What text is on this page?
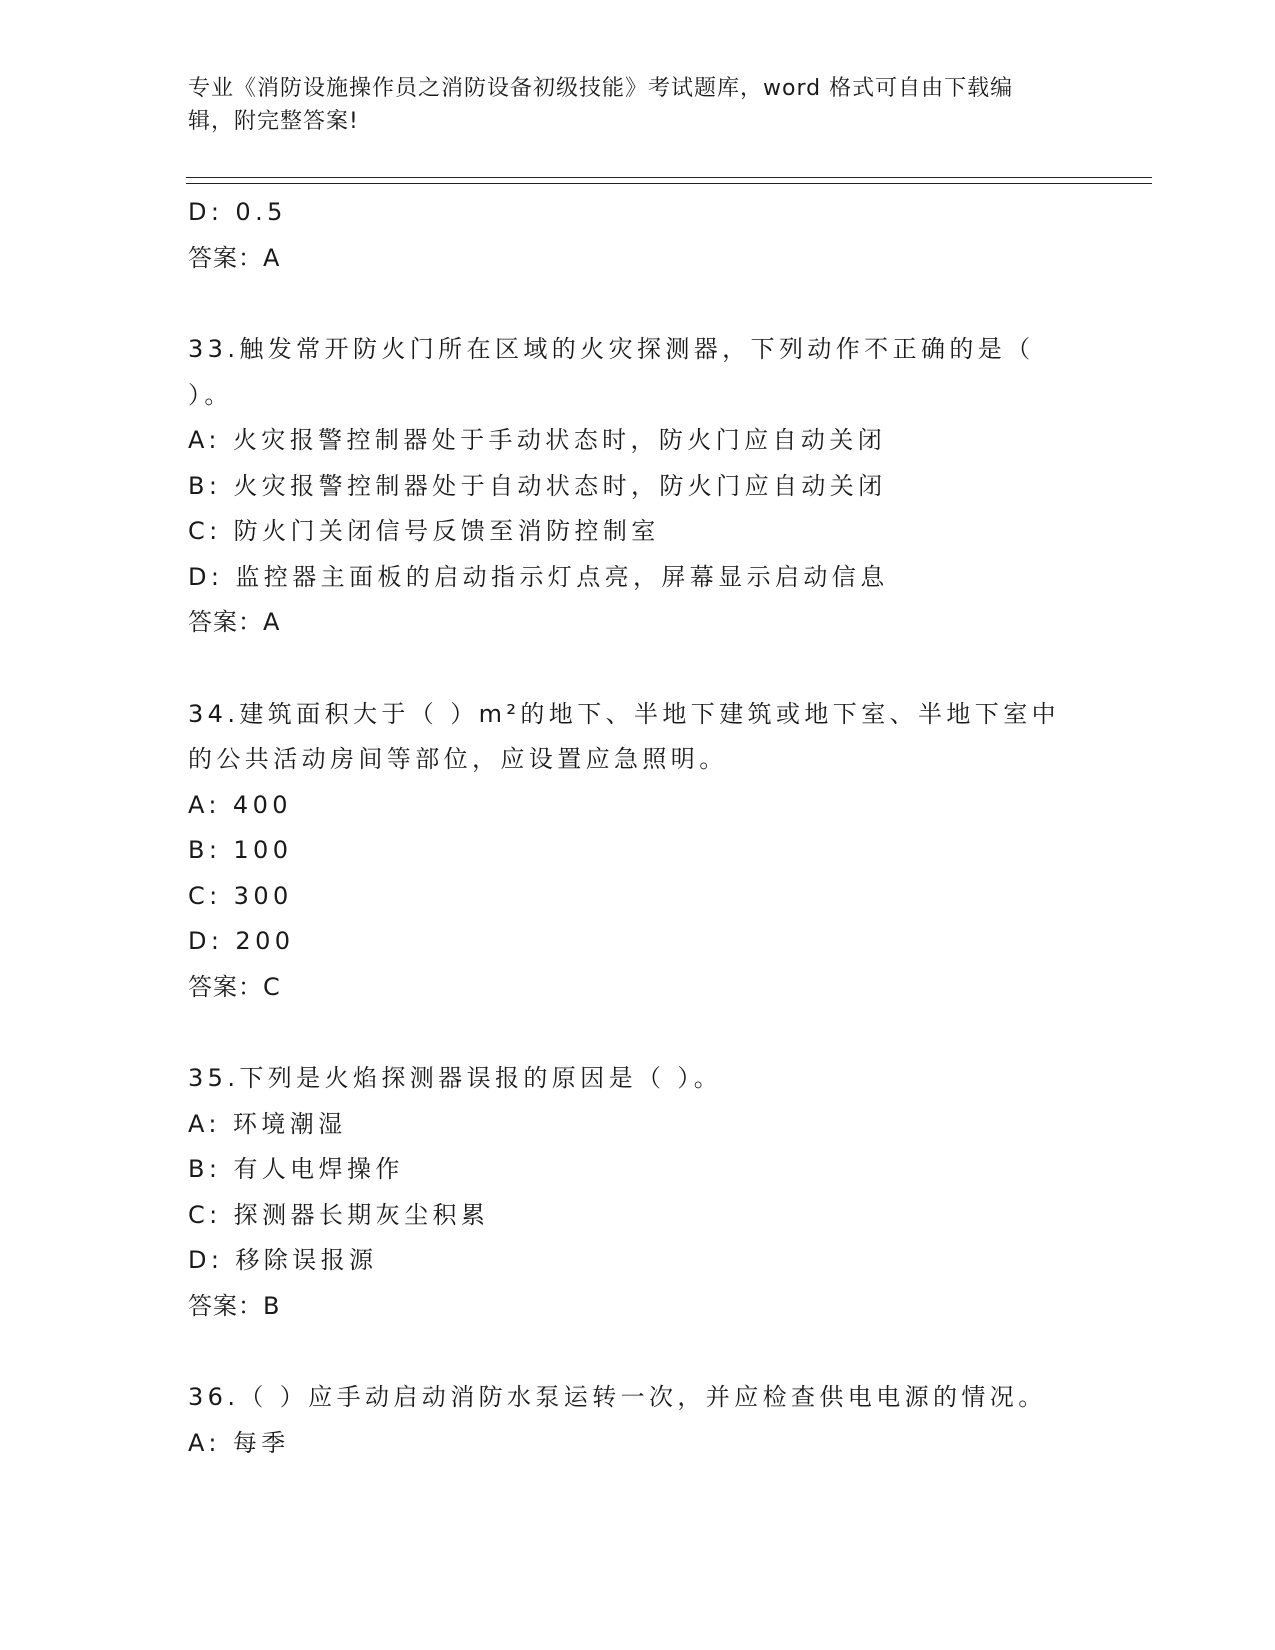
专业《消防设施操作员之消防设备初级技能》考试题库，word 格式可自由下载编
辑，附完整答案!
D: 0.5
答案：A
33.触发常开防火门所在区域的火灾探测器，下列动作不正确的是（
）。
A: 火灾报警控制器处于手动状态时，防火门应自动关闭
B: 火灾报警控制器处于自动状态时，防火门应自动关闭
C: 防火门关闭信号反馈至消防控制室
D: 监控器主面板的启动指示灯点亮，屏幕显示启动信息
答案：A
34.建筑面积大于（ ）m²的地下、半地下建筑或地下室、半地下室中
的公共活动房间等部位，应设置应急照明。
A: 400
B: 100
C: 300
D: 200
答案：C
35.下列是火焰探测器误报的原因是（ ）。
A: 环境潮湿
B: 有人电焊操作
C: 探测器长期灰尘积累
D: 移除误报源
答案：B
36.（ ）应手动启动消防水泵运转一次，并应检查供电电源的情况。
A: 每季
